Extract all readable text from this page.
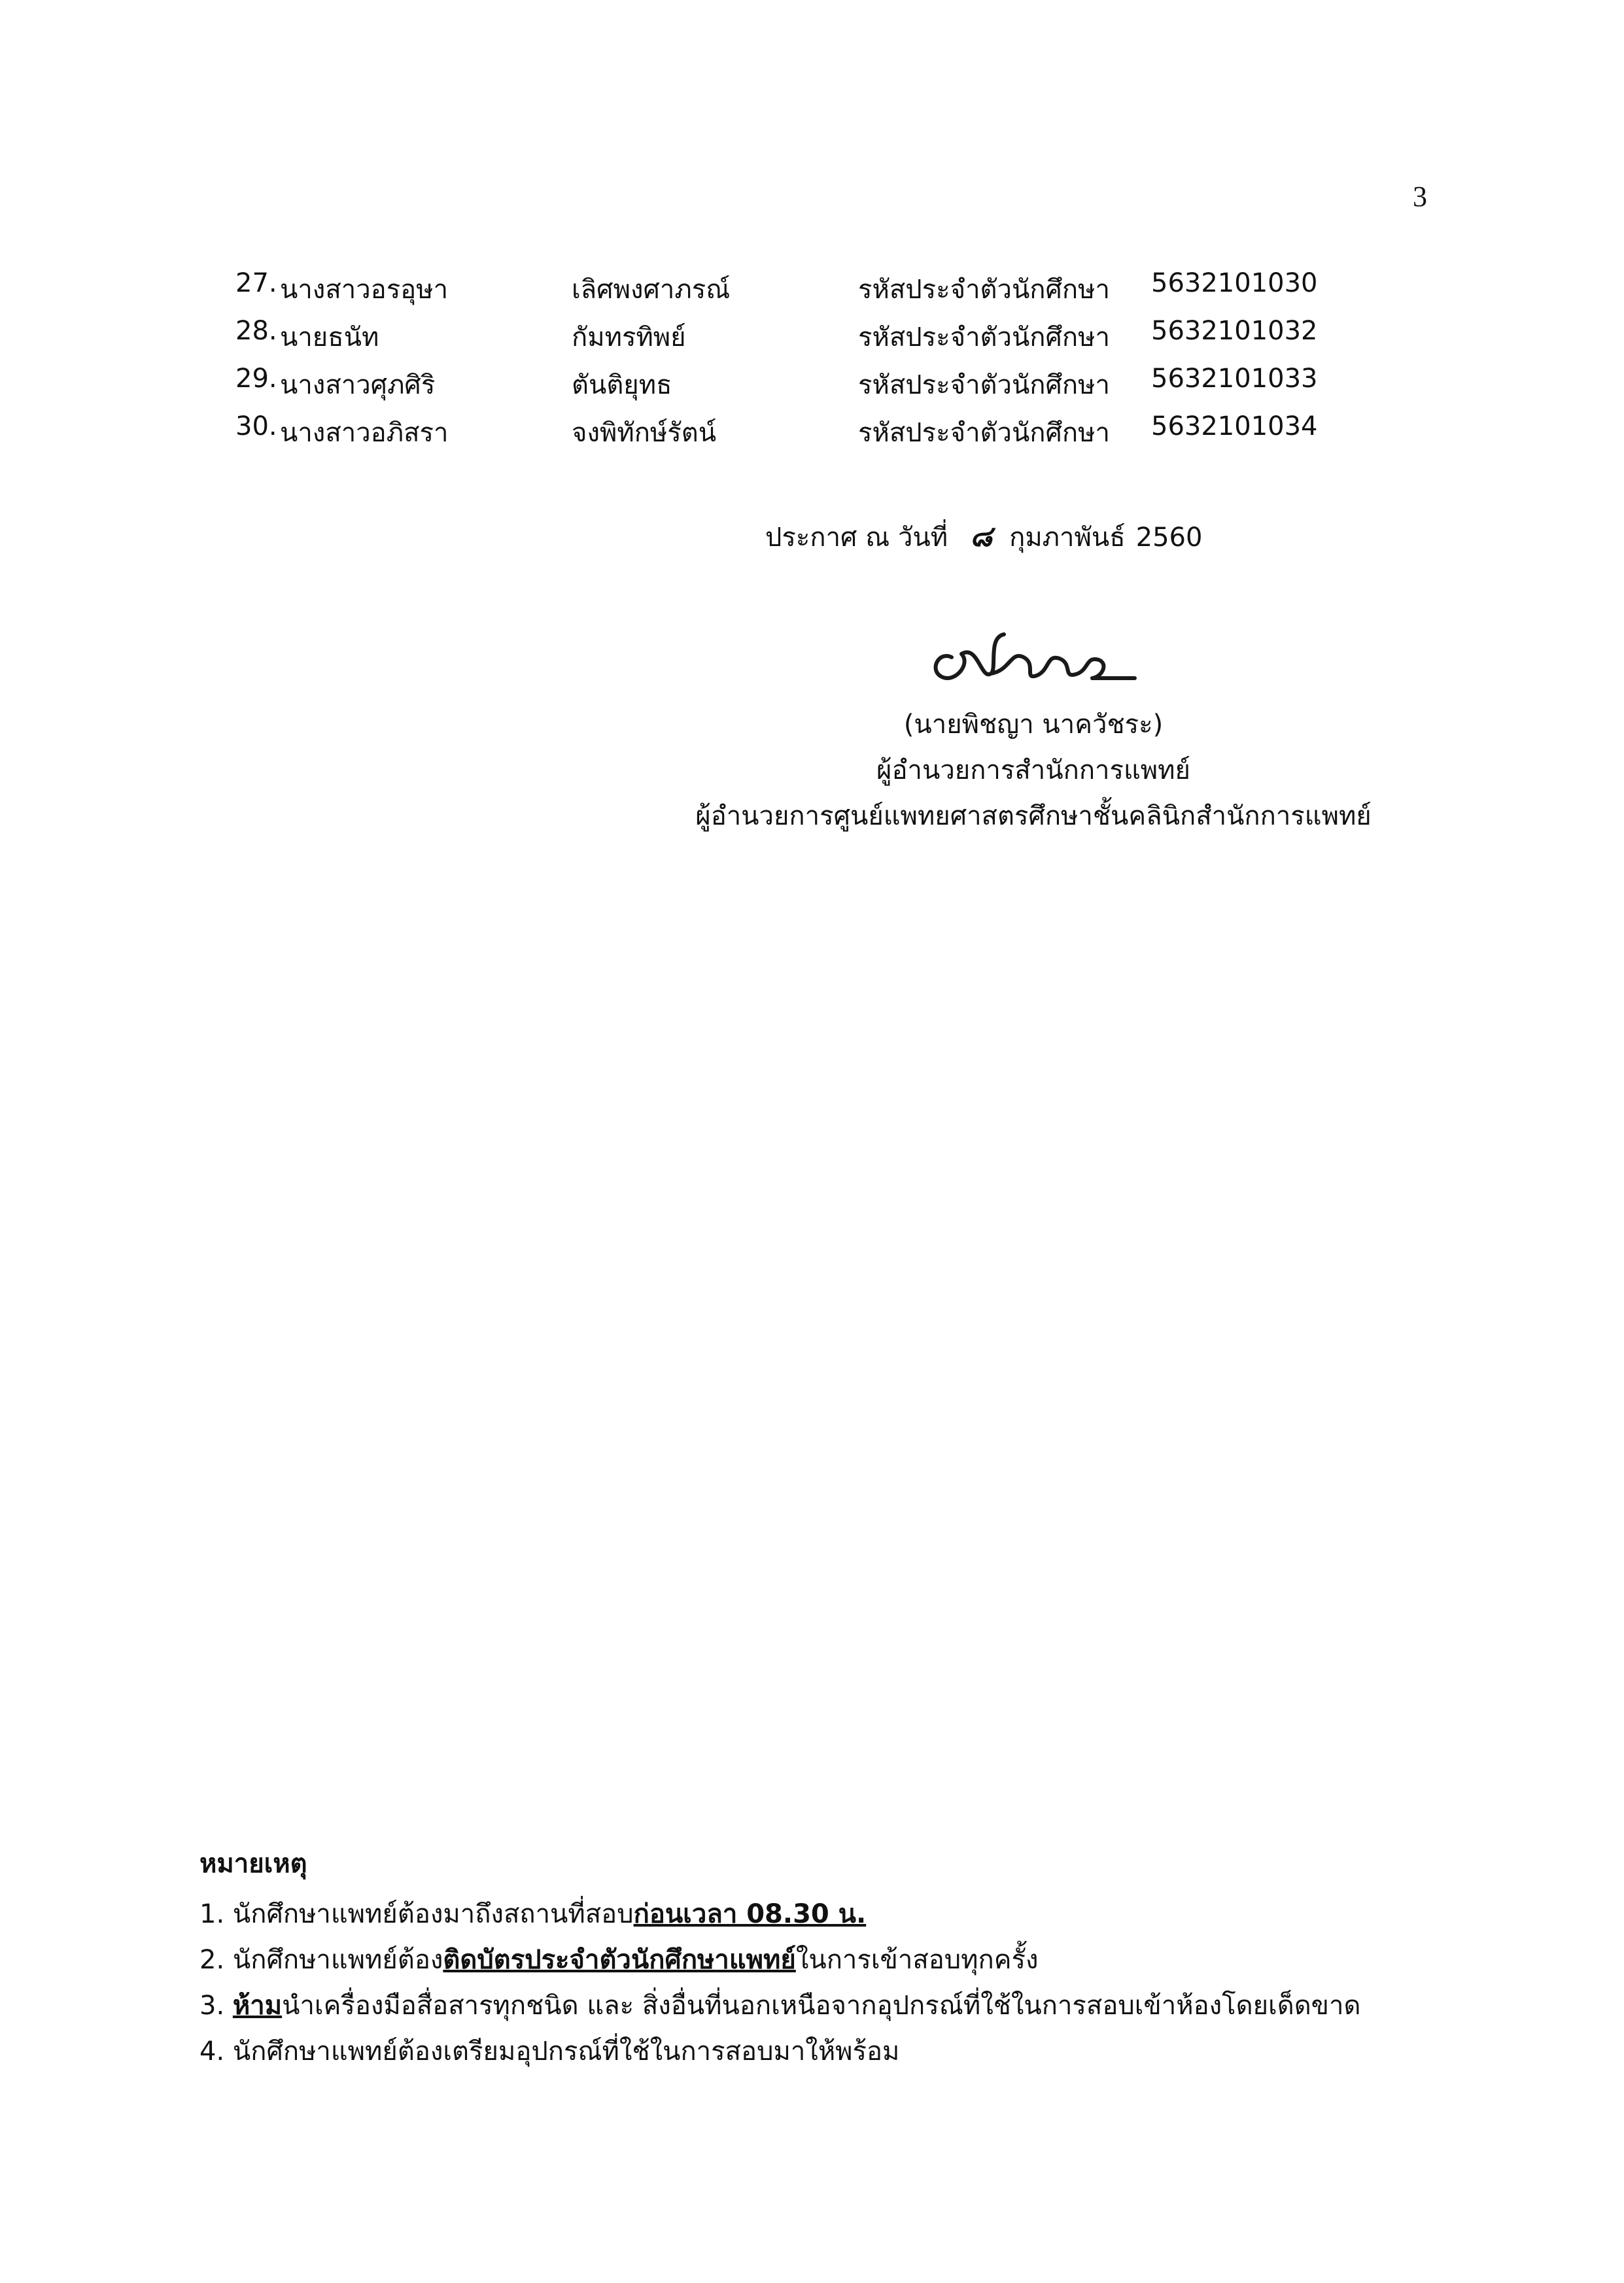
3
27. นางสาวอรอุษา	เลิศพงศาภรณ์	รหัสประจำตัวนักศึกษา 5632101030
28. นายธนัท	กัมทรทิพย์	รหัสประจำตัวนักศึกษา 5632101032
29. นางสาวศุภศิริ	ตันติยุทธ	รหัสประจำตัวนักศึกษา 5632101033
30. นางสาวอภิสรา	จงพิทักษ์รัตน์	รหัสประจำตัวนักศึกษา 5632101034
ประกาศ ณ วันที่ ๘ กุมภาพันธ์ 2560
(นายพิชญา นาควัชระ)
ผู้อำนวยการสำนักการแพทย์
ผู้อำนวยการศูนย์แพทยศาสตรศึกษาชั้นคลินิกสำนักการแพทย์
หมายเหตุ
1. นักศึกษาแพทย์ต้องมาถึงสถานที่สอบก่อนเวลา 08.30 น.
2. นักศึกษาแพทย์ต้องติดบัตรประจำตัวนักศึกษาแพทย์ในการเข้าสอบทุกครั้ง
3. ห้ามนำเครื่องมือสื่อสารทุกชนิด และ สิ่งอื่นที่นอกเหนือจากอุปกรณ์ที่ใช้ในการสอบเข้าห้องโดยเด็ดขาด
4. นักศึกษาแพทย์ต้องเตรียมอุปกรณ์ที่ใช้ในการสอบมาให้พร้อม
